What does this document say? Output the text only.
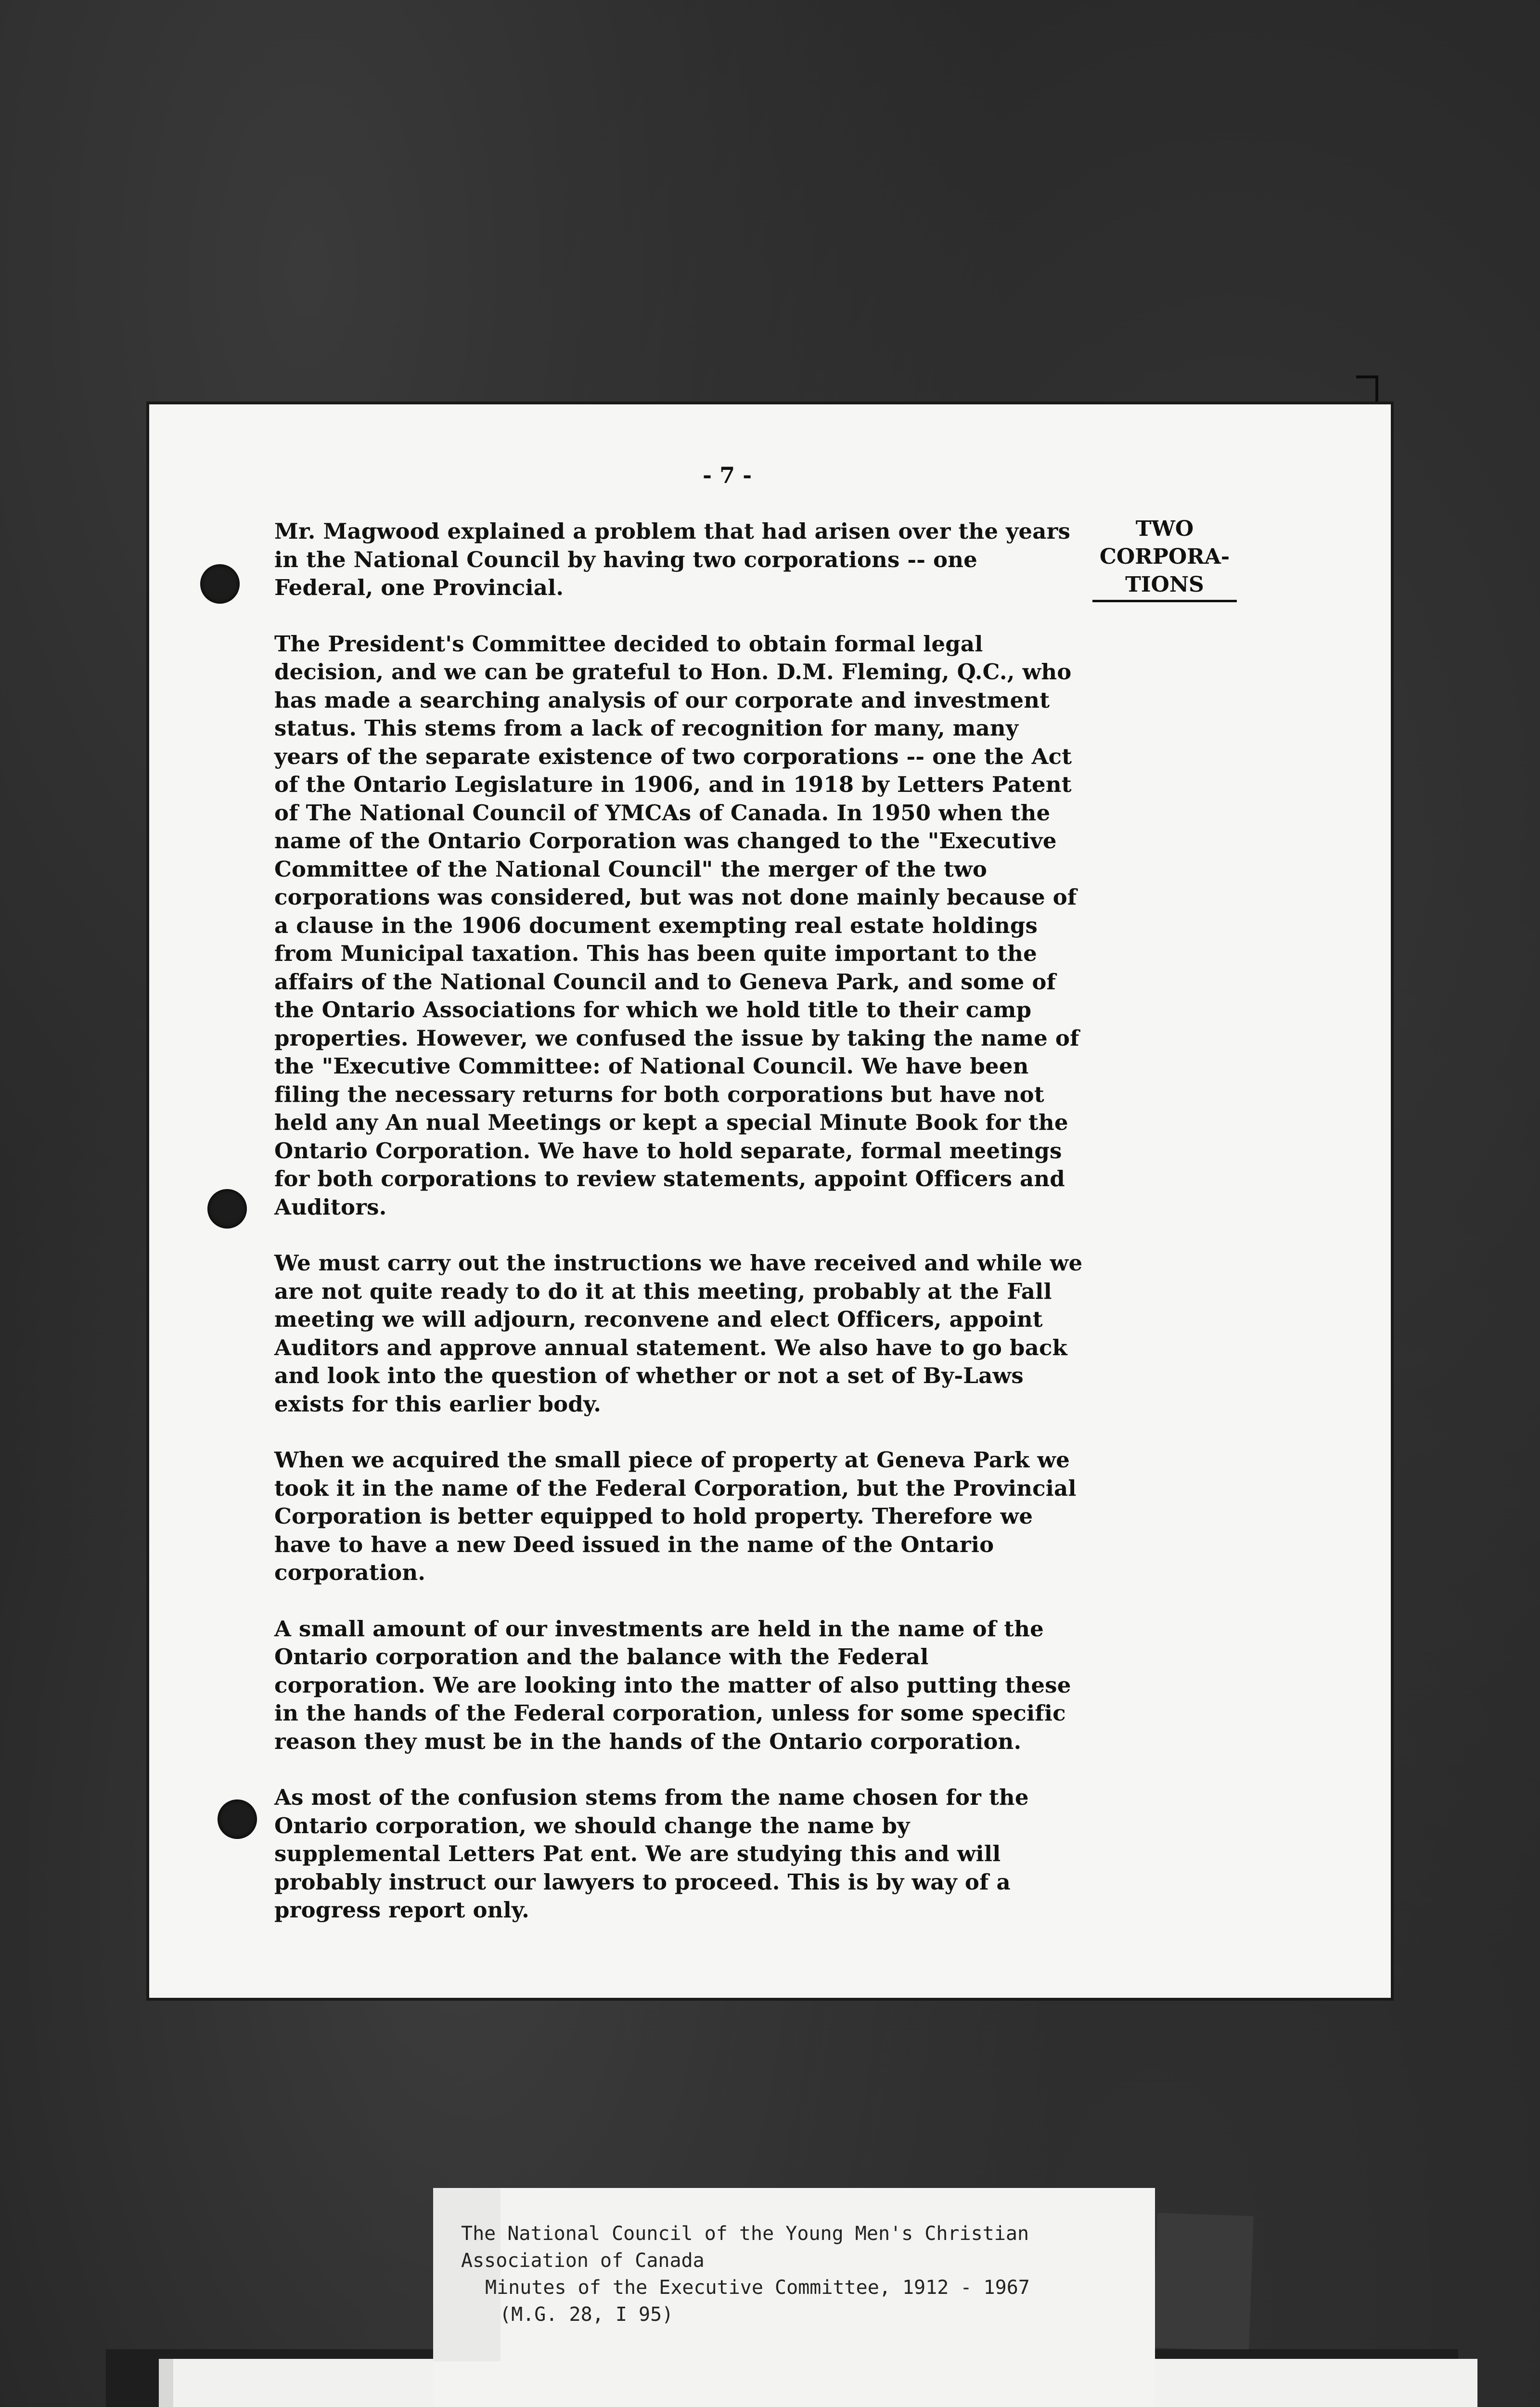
- 7 -
TWO
CORPORA-
TIONS

Mr. Magwood explained a problem that had arisen over the years in the National Council by having two corporations -- one Federal, one Provincial.

The President's Committee decided to obtain formal legal decision, and we can be grateful to Hon. D.M. Fleming, Q.C., who has made a searching analysis of our corporate and investment status. This stems from a lack of recognition for many, many years of the separate existence of two corporations -- one the Act of the Ontario Legislature in 1906, and in 1918 by Letters Patent of The National Council of YMCAs of Canada. In 1950 when the name of the Ontario Corporation was changed to the "Executive Committee of the National Council" the merger of the two corporations was considered, but was not done mainly because of a clause in the 1906 document exempting real estate holdings from Municipal taxation. This has been quite important to the affairs of the National Council and to Geneva Park, and some of the Ontario Associations for which we hold title to their camp properties. However, we confused the issue by taking the name of the "Executive Committee: of National Council. We have been filing the necessary returns for both corporations but have not held any An nual Meetings or kept a special Minute Book for the Ontario Corporation. We have to hold separate, formal meetings for both corporations to review statements, appoint Officers and Auditors.

We must carry out the instructions we have received and while we are not quite ready to do it at this meeting, probably at the Fall meeting we will adjourn, reconvene and elect Officers, appoint Auditors and approve annual statement. We also have to go back and look into the question of whether or not a set of By-Laws exists for this earlier body.

When we acquired the small piece of property at Geneva Park we took it in the name of the Federal Corporation, but the Provincial Corporation is better equipped to hold property. Therefore we have to have a new Deed issued in the name of the Ontario corporation.

A small amount of our investments are held in the name of the Ontario corporation and the balance with the Federal corporation. We are looking into the matter of also putting these in the hands of the Federal corporation, unless for some specific reason they must be in the hands of the Ontario corporation.

As most of the confusion stems from the name chosen for the Ontario corporation, we should change the name by supplemental Letters Pat ent. We are studying this and will probably instruct our lawyers to proceed. This is by way of a progress report only.

The National Council of the Young Men's Christian
Association of Canada
Minutes of the Executive Committee, 1912 - 1967
(M.G. 28, I 95)
